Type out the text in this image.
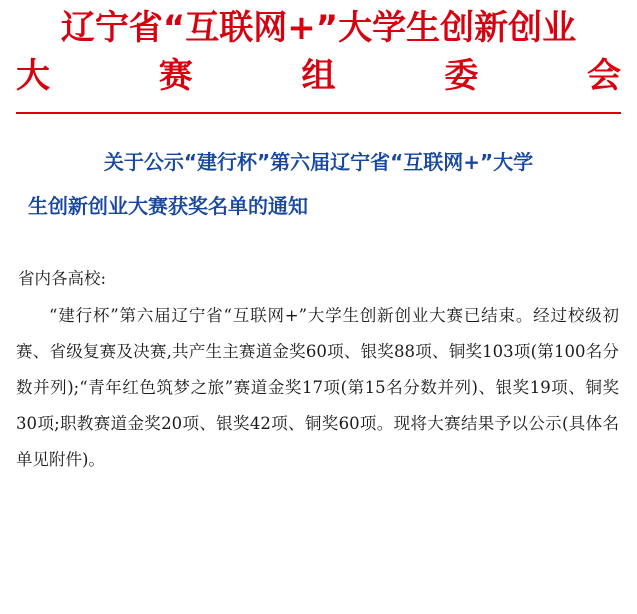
辽宁省“互联网+”大学生创新创业
大赛组委会
关于公示“建行杯”第六届辽宁省“互联网+”大学
生创新创业大赛获奖名单的通知
省内各高校:
“建行杯”第六届辽宁省“互联网+”大学生创新创业大赛已结束。经过校级初赛、省级复赛及决赛,共产生主赛道金奖60项、银奖88项、铜奖103项(第100名分数并列);“青年红色筑梦之旅”赛道金奖17项(第15名分数并列)、银奖19项、铜奖30项;职教赛道金奖20项、银奖42项、铜奖60项。现将大赛结果予以公示(具体名单见附件)。
